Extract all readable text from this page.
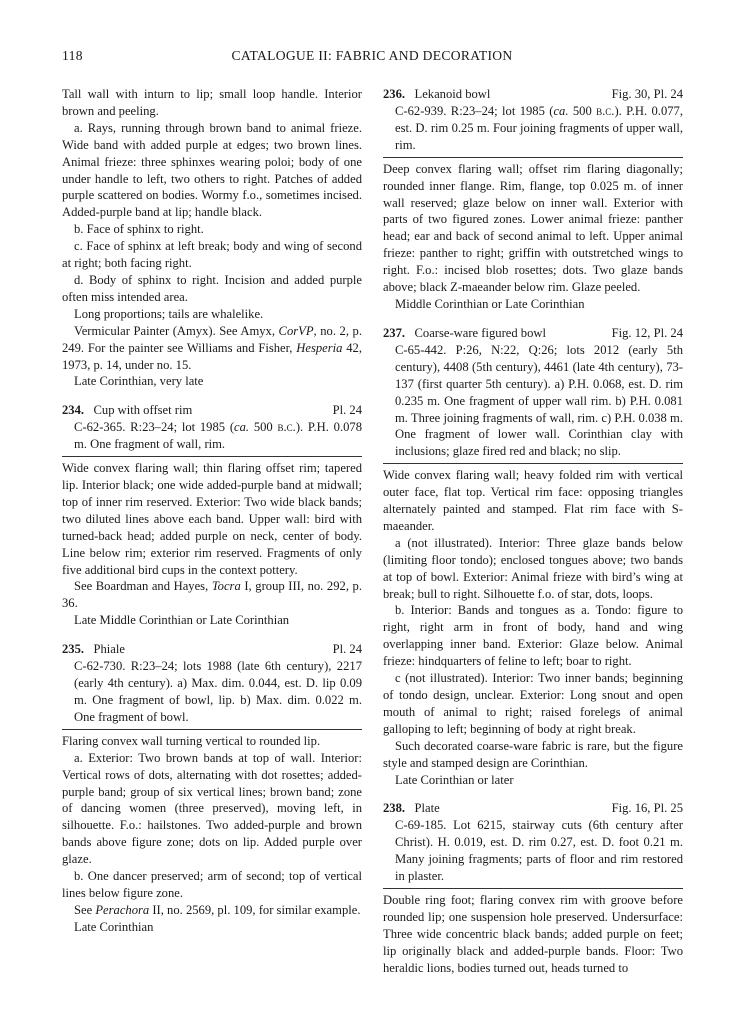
118	CATALOGUE II: FABRIC AND DECORATION

Tall wall with inturn to lip; small loop handle. Interior brown and peeling.

a. Rays, running through brown band to animal frieze. Wide band with added purple at edges; two brown lines. Animal frieze: three sphinxes wearing poloi; body of one under handle to left, two others to right. Patches of added purple scattered on bodies. Wormy f.o., sometimes incised. Added-purple band at lip; handle black.

b. Face of sphinx to right.

c. Face of sphinx at left break; body and wing of second at right; both facing right.

d. Body of sphinx to right. Incision and added purple often miss intended area.

Long proportions; tails are whalelike.

Vermicular Painter (Amyx). See Amyx, CorVP, no. 2, p. 249. For the painter see Williams and Fisher, Hesperia 42, 1973, p. 14, under no. 15.

Late Corinthian, very late

234. Cup with offset rim	Pl. 24

C-62-365. R:23–24; lot 1985 (ca. 500 b.c.). P.H. 0.078 m. One fragment of wall, rim.

Wide convex flaring wall; thin flaring offset rim; tapered lip. Interior black; one wide added-purple band at midwall; top of inner rim reserved. Exterior: Two wide black bands; two diluted lines above each band. Upper wall: bird with turned-back head; added purple on neck, center of body. Line below rim; exterior rim reserved. Fragments of only five additional bird cups in the context pottery.

See Boardman and Hayes, Tocra I, group III, no. 292, p. 36.

Late Middle Corinthian or Late Corinthian

235. Phiale	Pl. 24

C-62-730. R:23–24; lots 1988 (late 6th century), 2217 (early 4th century). a) Max. dim. 0.044, est. D. lip 0.09 m. One fragment of bowl, lip. b) Max. dim. 0.022 m. One fragment of bowl.

Flaring convex wall turning vertical to rounded lip.

a. Exterior: Two brown bands at top of wall. Interior: Vertical rows of dots, alternating with dot rosettes; added-purple band; group of six vertical lines; brown band; zone of dancing women (three preserved), moving left, in silhouette. F.o.: hailstones. Two added-purple and brown bands above figure zone; dots on lip. Added purple over glaze.

b. One dancer preserved; arm of second; top of vertical lines below figure zone.

See Perachora II, no. 2569, pl. 109, for similar example.

Late Corinthian

236. Lekanoid bowl	Fig. 30, Pl. 24

C-62-939. R:23–24; lot 1985 (ca. 500 b.c.). P.H. 0.077, est. D. rim 0.25 m. Four joining fragments of upper wall, rim.

Deep convex flaring wall; offset rim flaring diagonally; rounded inner flange. Rim, flange, top 0.025 m. of inner wall reserved; glaze below on inner wall. Exterior with parts of two figured zones. Lower animal frieze: panther head; ear and back of second animal to left. Upper animal frieze: panther to right; griffin with outstretched wings to right. F.o.: incised blob rosettes; dots. Two glaze bands above; black Z-maeander below rim. Glaze peeled.

Middle Corinthian or Late Corinthian

237. Coarse-ware figured bowl	Fig. 12, Pl. 24

C-65-442. P:26, N:22, Q:26; lots 2012 (early 5th century), 4408 (5th century), 4461 (late 4th century), 73-137 (first quarter 5th century). a) P.H. 0.068, est. D. rim 0.235 m. One fragment of upper wall rim. b) P.H. 0.081 m. Three joining fragments of wall, rim. c) P.H. 0.038 m. One fragment of lower wall. Corinthian clay with inclusions; glaze fired red and black; no slip.

Wide convex flaring wall; heavy folded rim with vertical outer face, flat top. Vertical rim face: opposing triangles alternately painted and stamped. Flat rim face with S-maeander.

a (not illustrated). Interior: Three glaze bands below (limiting floor tondo); enclosed tongues above; two bands at top of bowl. Exterior: Animal frieze with bird’s wing at break; bull to right. Silhouette f.o. of star, dots, loops.

b. Interior: Bands and tongues as a. Tondo: figure to right, right arm in front of body, hand and wing overlapping inner band. Exterior: Glaze below. Animal frieze: hindquarters of feline to left; boar to right.

c (not illustrated). Interior: Two inner bands; beginning of tondo design, unclear. Exterior: Long snout and open mouth of animal to right; raised forelegs of animal galloping to left; beginning of body at right break.

Such decorated coarse-ware fabric is rare, but the figure style and stamped design are Corinthian.

Late Corinthian or later

238. Plate	Fig. 16, Pl. 25

C-69-185. Lot 6215, stairway cuts (6th century after Christ). H. 0.019, est. D. rim 0.27, est. D. foot 0.21 m. Many joining fragments; parts of floor and rim restored in plaster.

Double ring foot; flaring convex rim with groove before rounded lip; one suspension hole preserved. Undersurface: Three wide concentric black bands; added purple on feet; lip originally black and added-purple bands. Floor: Two heraldic lions, bodies turned out, heads turned to
